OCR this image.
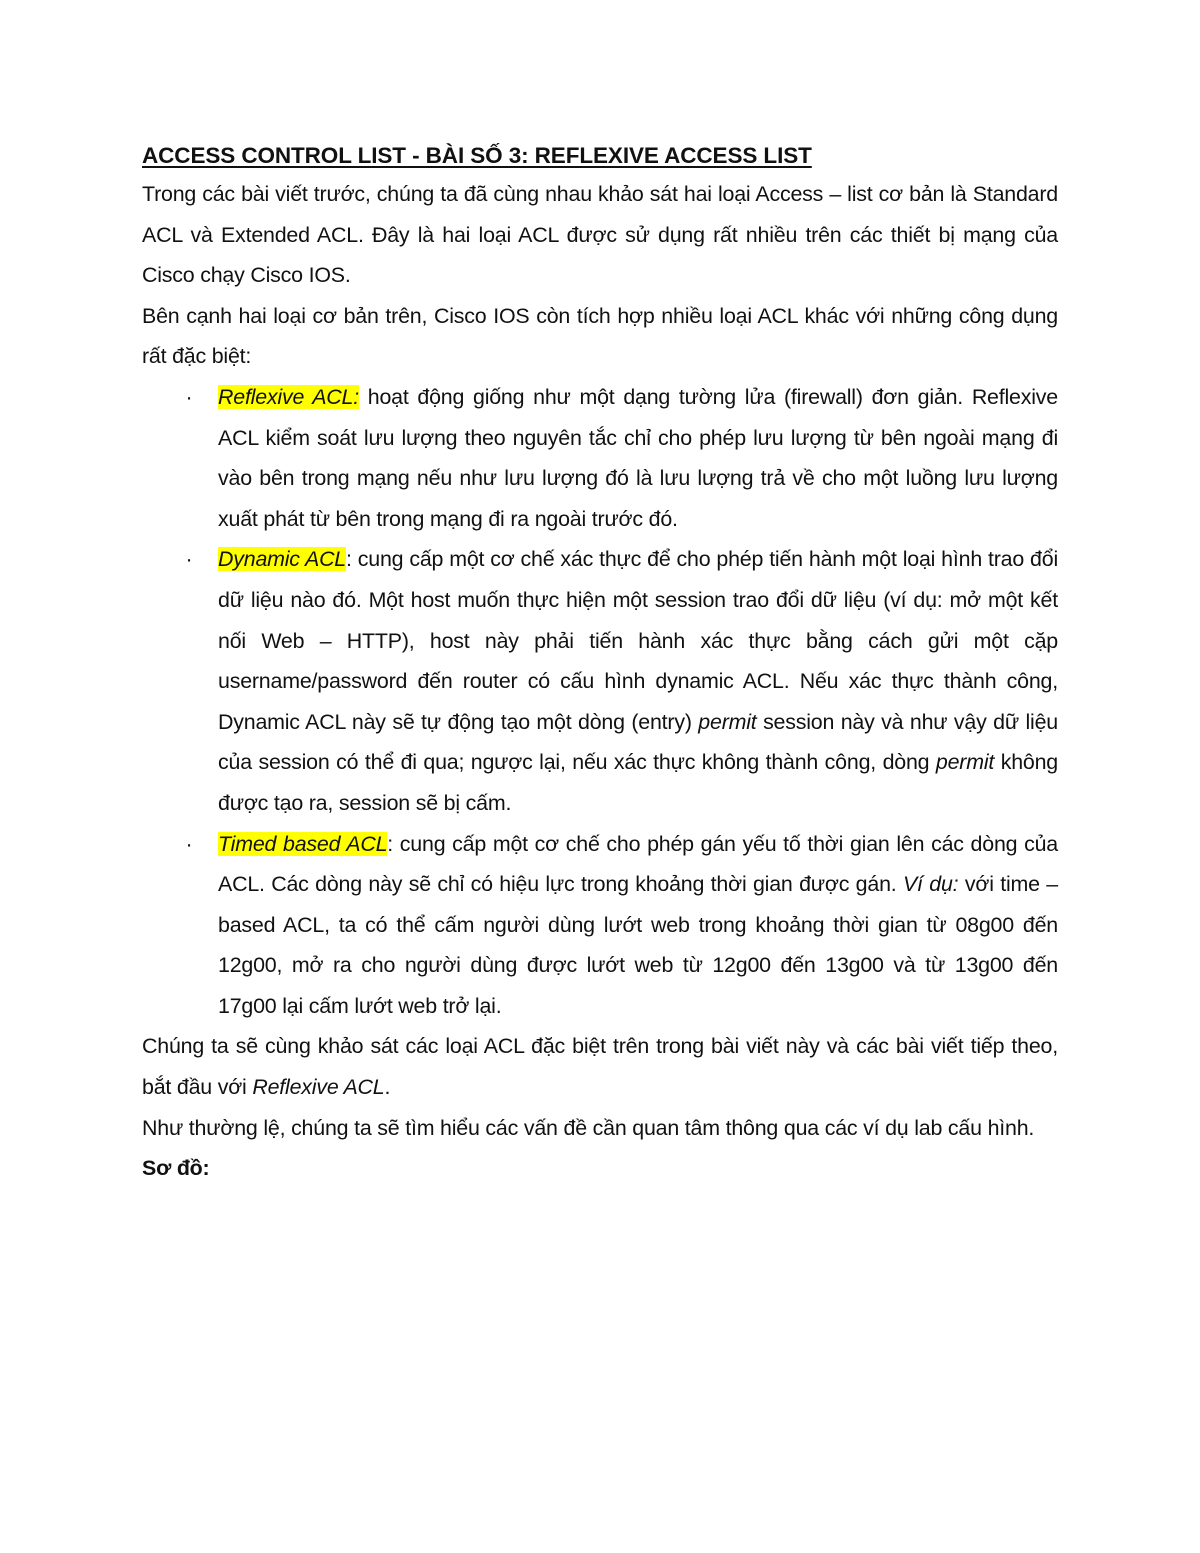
ACCESS CONTROL LIST - BÀI SỐ 3: REFLEXIVE ACCESS LIST

Trong các bài viết trước, chúng ta đã cùng nhau khảo sát hai loại Access – list cơ bản là Standard ACL và Extended ACL. Đây là hai loại ACL được sử dụng rất nhiều trên các thiết bị mạng của Cisco chạy Cisco IOS.

Bên cạnh hai loại cơ bản trên, Cisco IOS còn tích hợp nhiều loại ACL khác với những công dụng rất đặc biệt:

· Reflexive ACL: hoạt động giống như một dạng tường lửa (firewall) đơn giản. Reflexive ACL kiểm soát lưu lượng theo nguyên tắc chỉ cho phép lưu lượng từ bên ngoài mạng đi vào bên trong mạng nếu như lưu lượng đó là lưu lượng trả về cho một luồng lưu lượng xuất phát từ bên trong mạng đi ra ngoài trước đó.
· Dynamic ACL: cung cấp một cơ chế xác thực để cho phép tiến hành một loại hình trao đổi dữ liệu nào đó. Một host muốn thực hiện một session trao đổi dữ liệu (ví dụ: mở một kết nối Web – HTTP), host này phải tiến hành xác thực bằng cách gửi một cặp username/password đến router có cấu hình dynamic ACL. Nếu xác thực thành công, Dynamic ACL này sẽ tự động tạo một dòng (entry) permit session này và như vậy dữ liệu của session có thể đi qua; ngược lại, nếu xác thực không thành công, dòng permit không được tạo ra, session sẽ bị cấm.
· Timed based ACL: cung cấp một cơ chế cho phép gán yếu tố thời gian lên các dòng của ACL. Các dòng này sẽ chỉ có hiệu lực trong khoảng thời gian được gán. Ví dụ: với time – based ACL, ta có thể cấm người dùng lướt web trong khoảng thời gian từ 08g00 đến 12g00, mở ra cho người dùng được lướt web từ 12g00 đến 13g00 và từ 13g00 đến 17g00 lại cấm lướt web trở lại.

Chúng ta sẽ cùng khảo sát các loại ACL đặc biệt trên trong bài viết này và các bài viết tiếp theo, bắt đầu với Reflexive ACL.

Như thường lệ, chúng ta sẽ tìm hiểu các vấn đề cần quan tâm thông qua các ví dụ lab cấu hình.

Sơ đồ:
